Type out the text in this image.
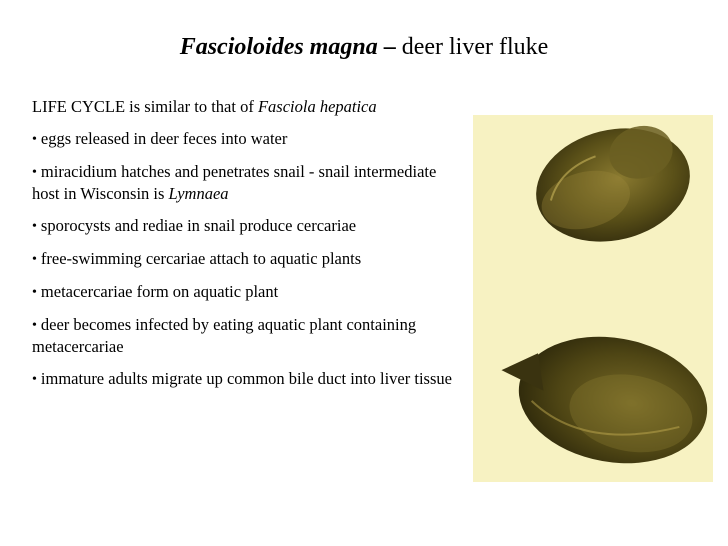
Fascioloides magna – deer liver fluke

LIFE CYCLE is similar to that of Fasciola hepatica

• eggs released in deer feces into water

• miracidium hatches and penetrates snail - snail intermediate host in Wisconsin is Lymnaea

• sporocysts and rediae in snail produce cercariae

• free-swimming cercariae attach to aquatic plants

• metacercariae form on aquatic plant

• deer becomes infected by eating aquatic plant containing metacercariae

• immature adults migrate up common bile duct into liver tissue
